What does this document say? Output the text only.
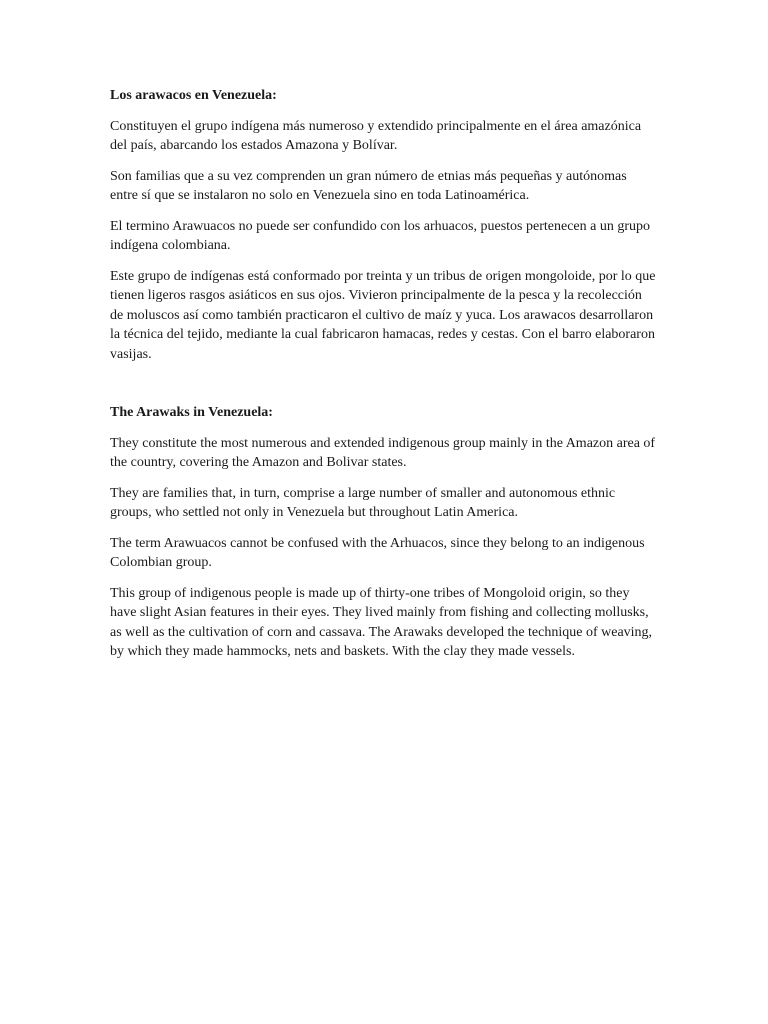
Los arawacos en Venezuela:

Constituyen el grupo indígena más numeroso y extendido principalmente en el área amazónica del país, abarcando los estados Amazona y Bolívar.

Son familias que a su vez comprenden un gran número de etnias más pequeñas y autónomas entre sí que se instalaron no solo en Venezuela sino en toda Latinoamérica.

El termino Arawuacos no puede ser confundido con los arhuacos, puestos pertenecen a un grupo indígena colombiana.

Este grupo de indígenas está conformado por treinta y un tribus de origen mongoloide, por lo que tienen ligeros rasgos asiáticos en sus ojos. Vivieron principalmente de la pesca y la recolección de moluscos así como también practicaron el cultivo de maíz y yuca. Los arawacos desarrollaron la técnica del tejido, mediante la cual fabricaron hamacas, redes y cestas. Con el barro elaboraron vasijas.

The Arawaks in Venezuela:

They constitute the most numerous and extended indigenous group mainly in the Amazon area of the country, covering the Amazon and Bolivar states.

They are families that, in turn, comprise a large number of smaller and autonomous ethnic groups, who settled not only in Venezuela but throughout Latin America.

The term Arawuacos cannot be confused with the Arhuacos, since they belong to an indigenous Colombian group.

This group of indigenous people is made up of thirty-one tribes of Mongoloid origin, so they have slight Asian features in their eyes. They lived mainly from fishing and collecting mollusks, as well as the cultivation of corn and cassava. The Arawaks developed the technique of weaving, by which they made hammocks, nets and baskets. With the clay they made vessels.
